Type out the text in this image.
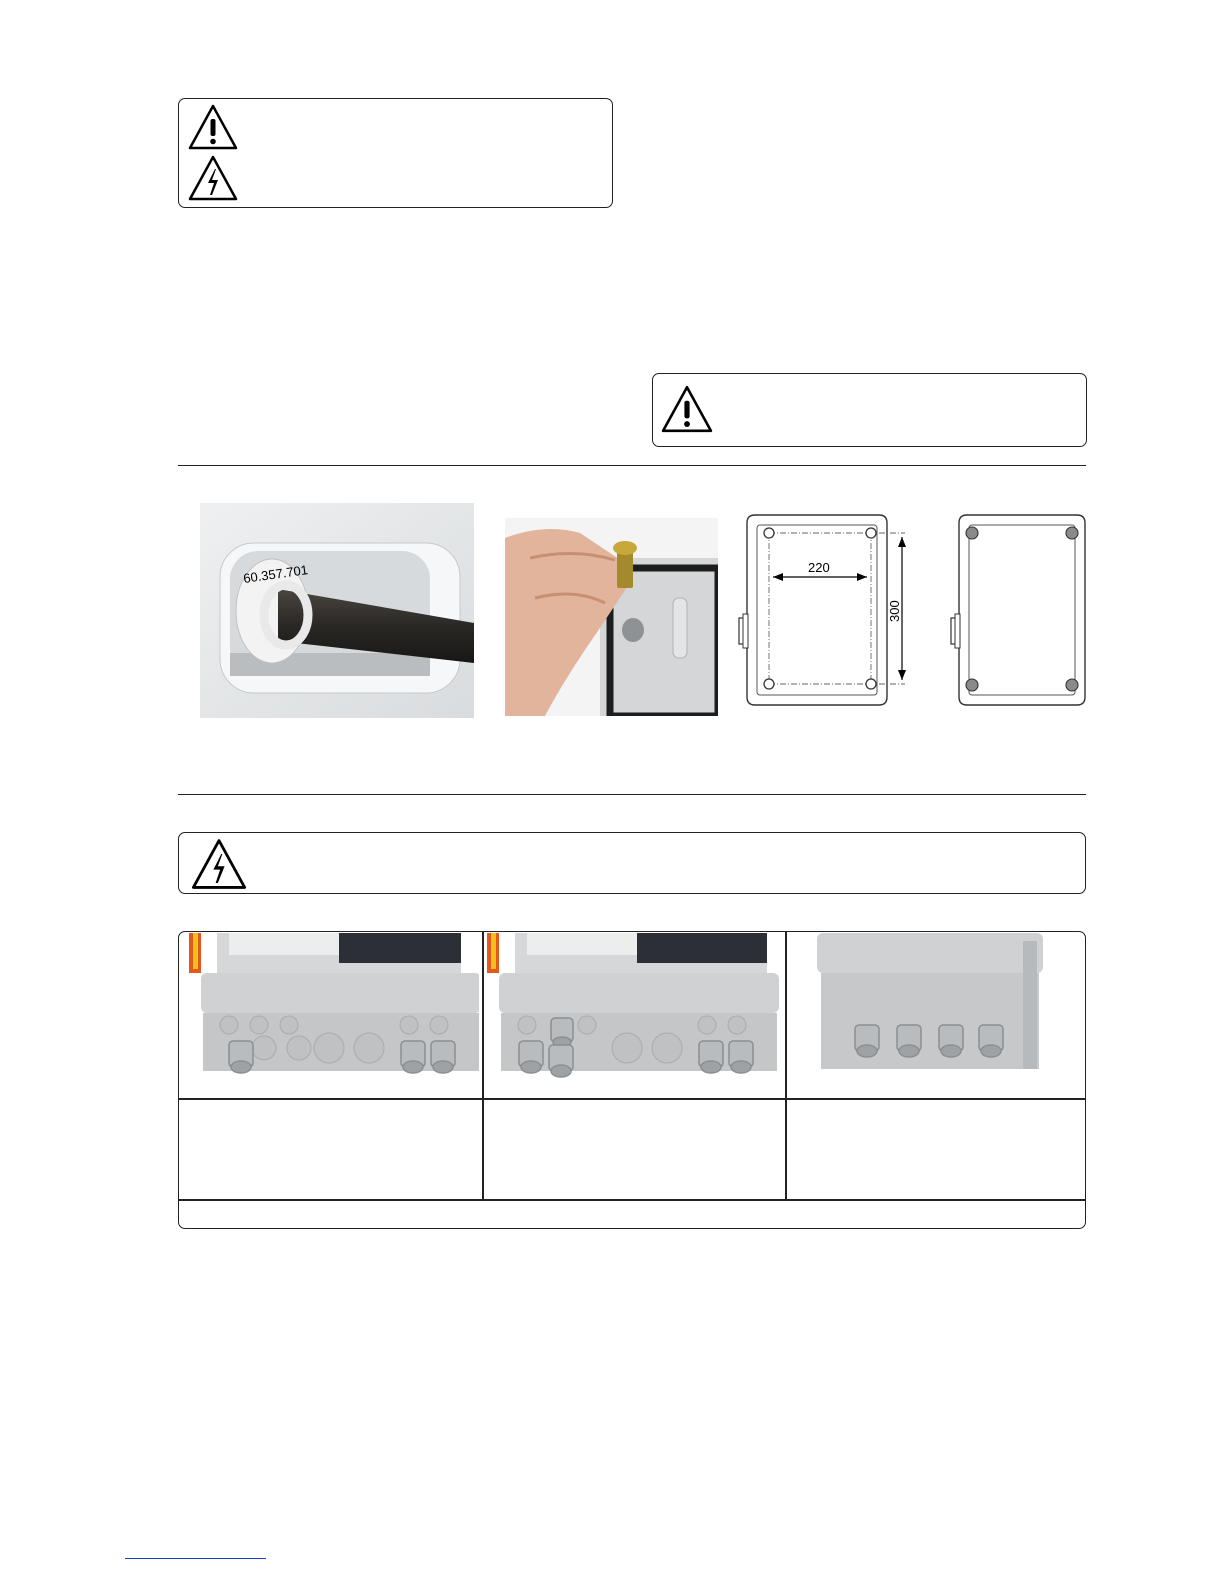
60.357.701	220
300
